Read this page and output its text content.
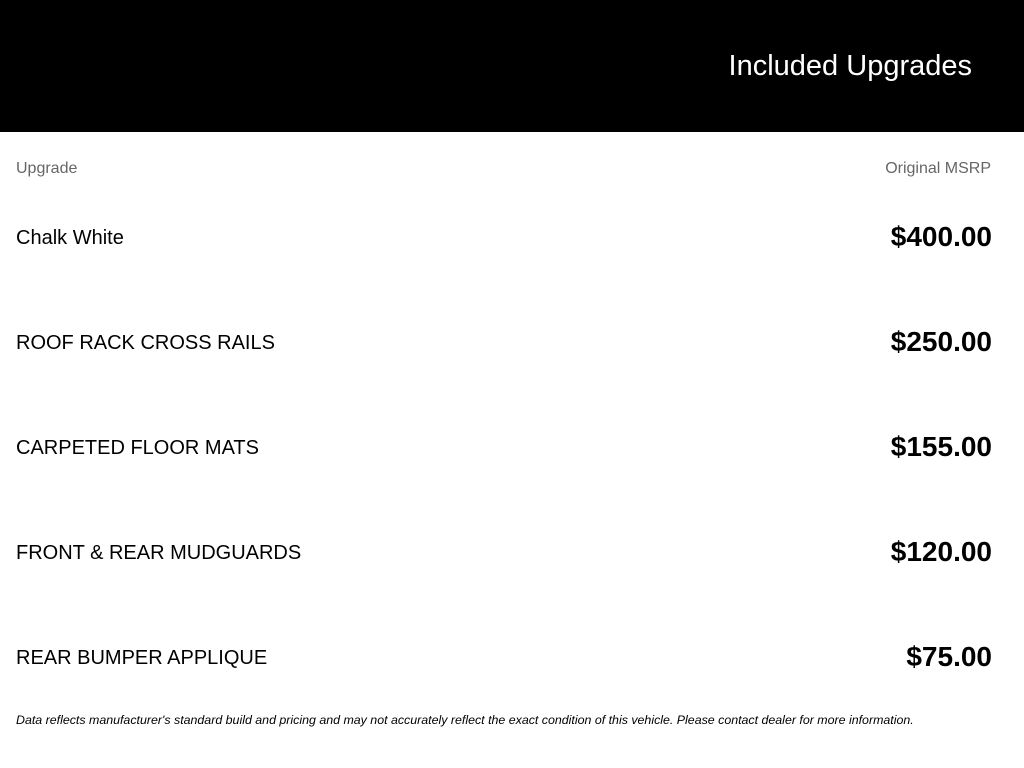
Included Upgrades
Upgrade	Original MSRP
Chalk White	$400.00
ROOF RACK CROSS RAILS	$250.00
CARPETED FLOOR MATS	$155.00
FRONT & REAR MUDGUARDS	$120.00
REAR BUMPER APPLIQUE	$75.00
Data reflects manufacturer's standard build and pricing and may not accurately reflect the exact condition of this vehicle. Please contact dealer for more information.
